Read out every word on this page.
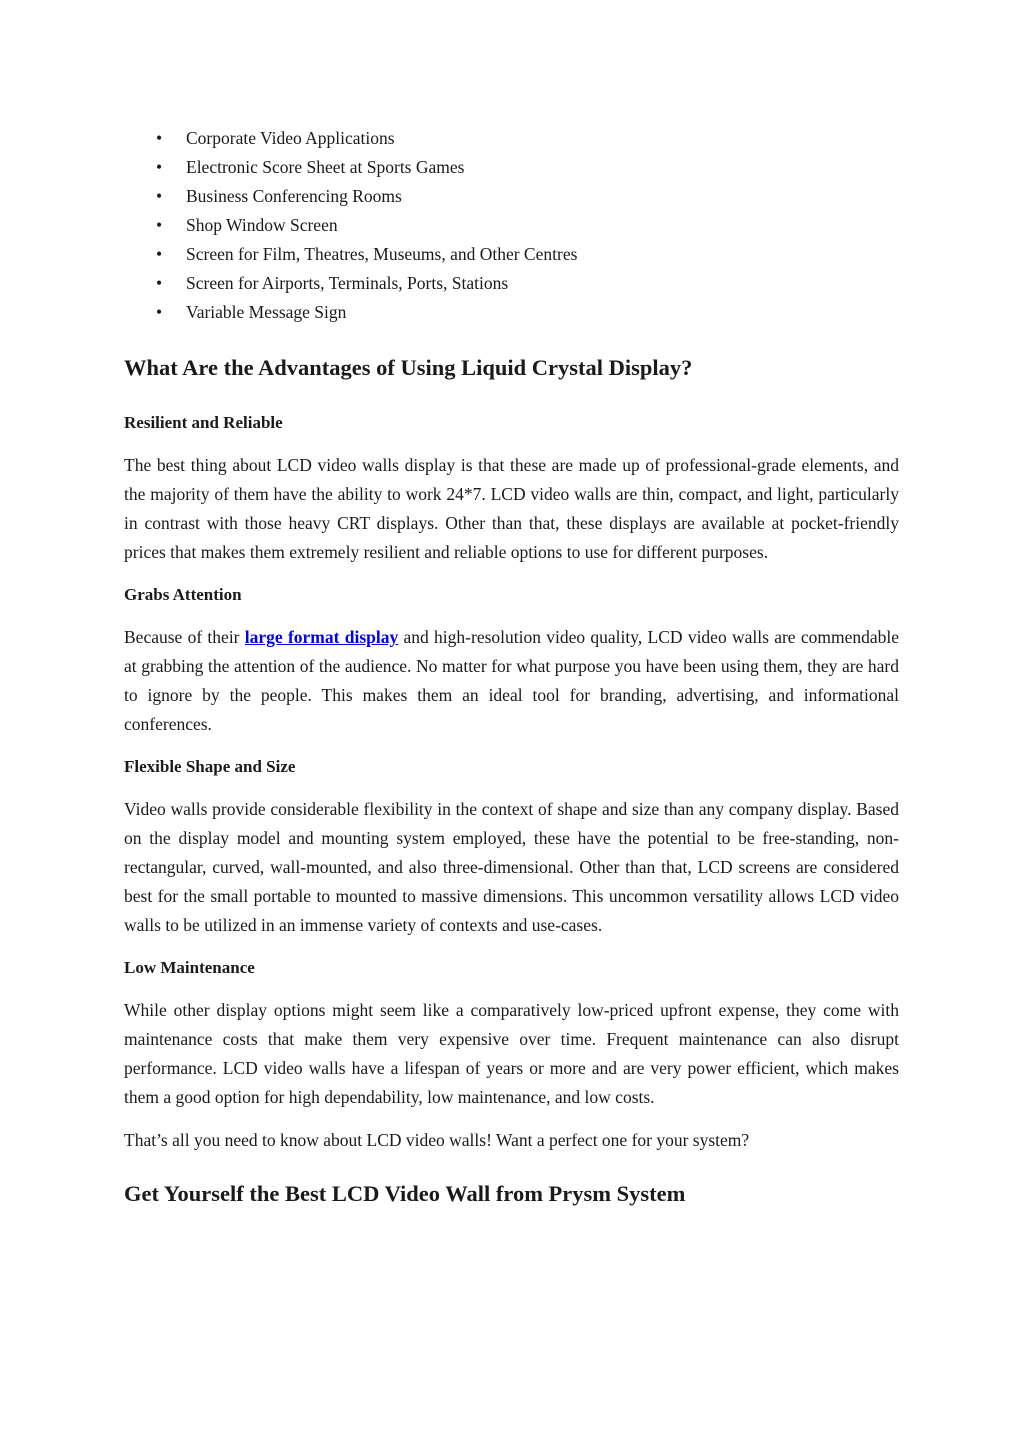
• Corporate Video Applications
• Electronic Score Sheet at Sports Games
• Business Conferencing Rooms
• Shop Window Screen
• Screen for Film, Theatres, Museums, and Other Centres
• Screen for Airports, Terminals, Ports, Stations
• Variable Message Sign
What Are the Advantages of Using Liquid Crystal Display?
Resilient and Reliable

The best thing about LCD video walls display is that these are made up of professional-grade elements, and the majority of them have the ability to work 24*7. LCD video walls are thin, compact, and light, particularly in contrast with those heavy CRT displays. Other than that, these displays are available at pocket-friendly prices that makes them extremely resilient and reliable options to use for different purposes.

Grabs Attention

Because of their large format display and high-resolution video quality, LCD video walls are commendable at grabbing the attention of the audience. No matter for what purpose you have been using them, they are hard to ignore by the people. This makes them an ideal tool for branding, advertising, and informational conferences.

Flexible Shape and Size

Video walls provide considerable flexibility in the context of shape and size than any company display. Based on the display model and mounting system employed, these have the potential to be free-standing, non-rectangular, curved, wall-mounted, and also three-dimensional. Other than that, LCD screens are considered best for the small portable to mounted to massive dimensions. This uncommon versatility allows LCD video walls to be utilized in an immense variety of contexts and use-cases.

Low Maintenance

While other display options might seem like a comparatively low-priced upfront expense, they come with maintenance costs that make them very expensive over time. Frequent maintenance can also disrupt performance. LCD video walls have a lifespan of years or more and are very power efficient, which makes them a good option for high dependability, low maintenance, and low costs.

That’s all you need to know about LCD video walls! Want a perfect one for your system?

Get Yourself the Best LCD Video Wall from Prysm System
